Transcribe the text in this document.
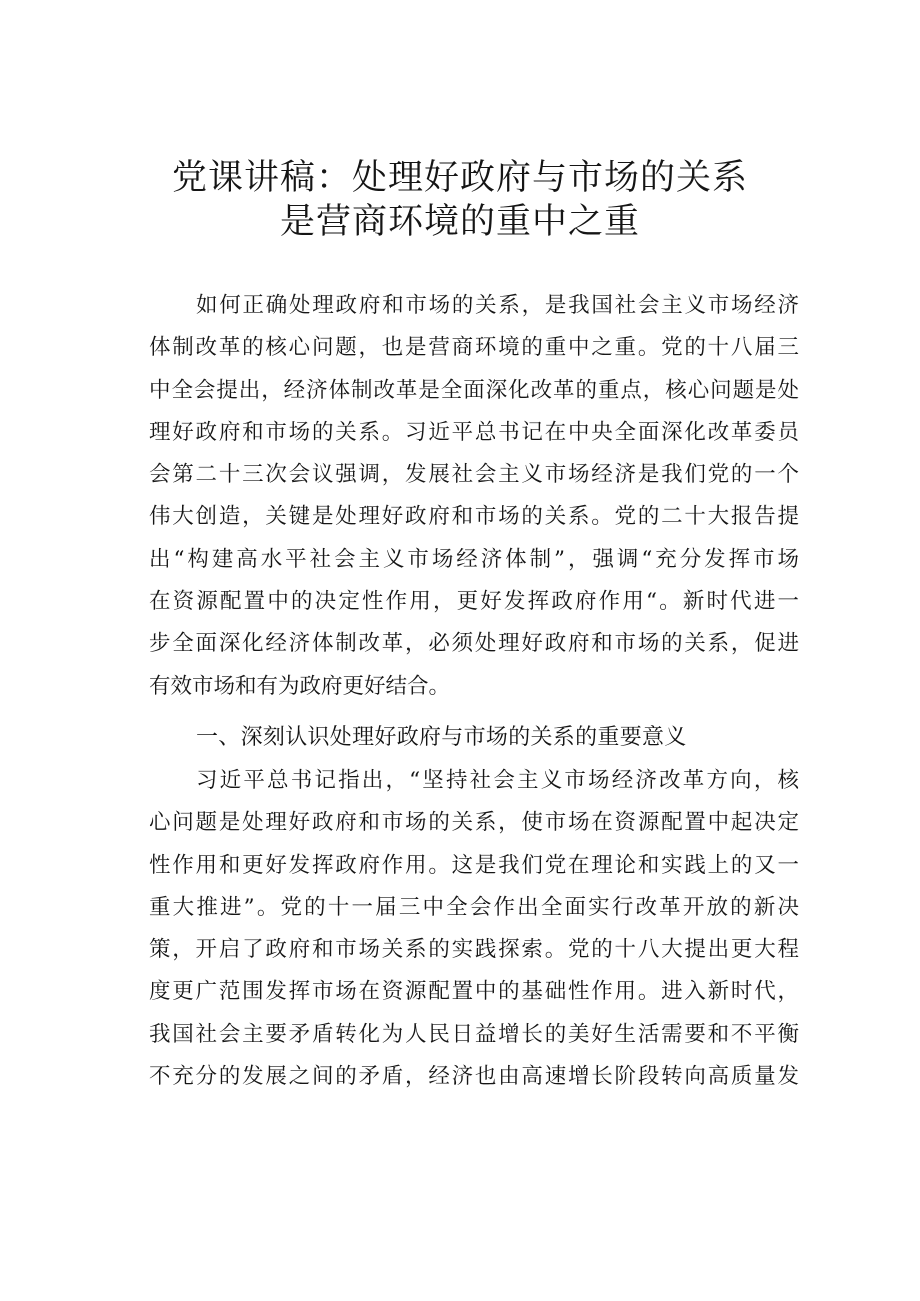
党课讲稿：处理好政府与市场的关系
是营商环境的重中之重
如何正确处理政府和市场的关系，是我国社会主义市场经济
体制改革的核心问题，也是营商环境的重中之重。党的十八届三
中全会提出，经济体制改革是全面深化改革的重点，核心问题是处
理好政府和市场的关系。习近平总书记在中央全面深化改革委员
会第二十三次会议强调，发展社会主义市场经济是我们党的一个
伟大创造，关键是处理好政府和市场的关系。党的二十大报告提
出“构建高水平社会主义市场经济体制”，强调“充分发挥市场
在资源配置中的决定性作用，更好发挥政府作用“。新时代进一
步全面深化经济体制改革，必须处理好政府和市场的关系，促进
有效市场和有为政府更好结合。
一、深刻认识处理好政府与市场的关系的重要意义
习近平总书记指出，“坚持社会主义市场经济改革方向，核
心问题是处理好政府和市场的关系，使市场在资源配置中起决定
性作用和更好发挥政府作用。这是我们党在理论和实践上的又一
重大推进”。党的十一届三中全会作出全面实行改革开放的新决
策，开启了政府和市场关系的实践探索。党的十八大提出更大程
度更广范围发挥市场在资源配置中的基础性作用。进入新时代，
我国社会主要矛盾转化为人民日益增长的美好生活需要和不平衡
不充分的发展之间的矛盾，经济也由高速增长阶段转向高质量发
